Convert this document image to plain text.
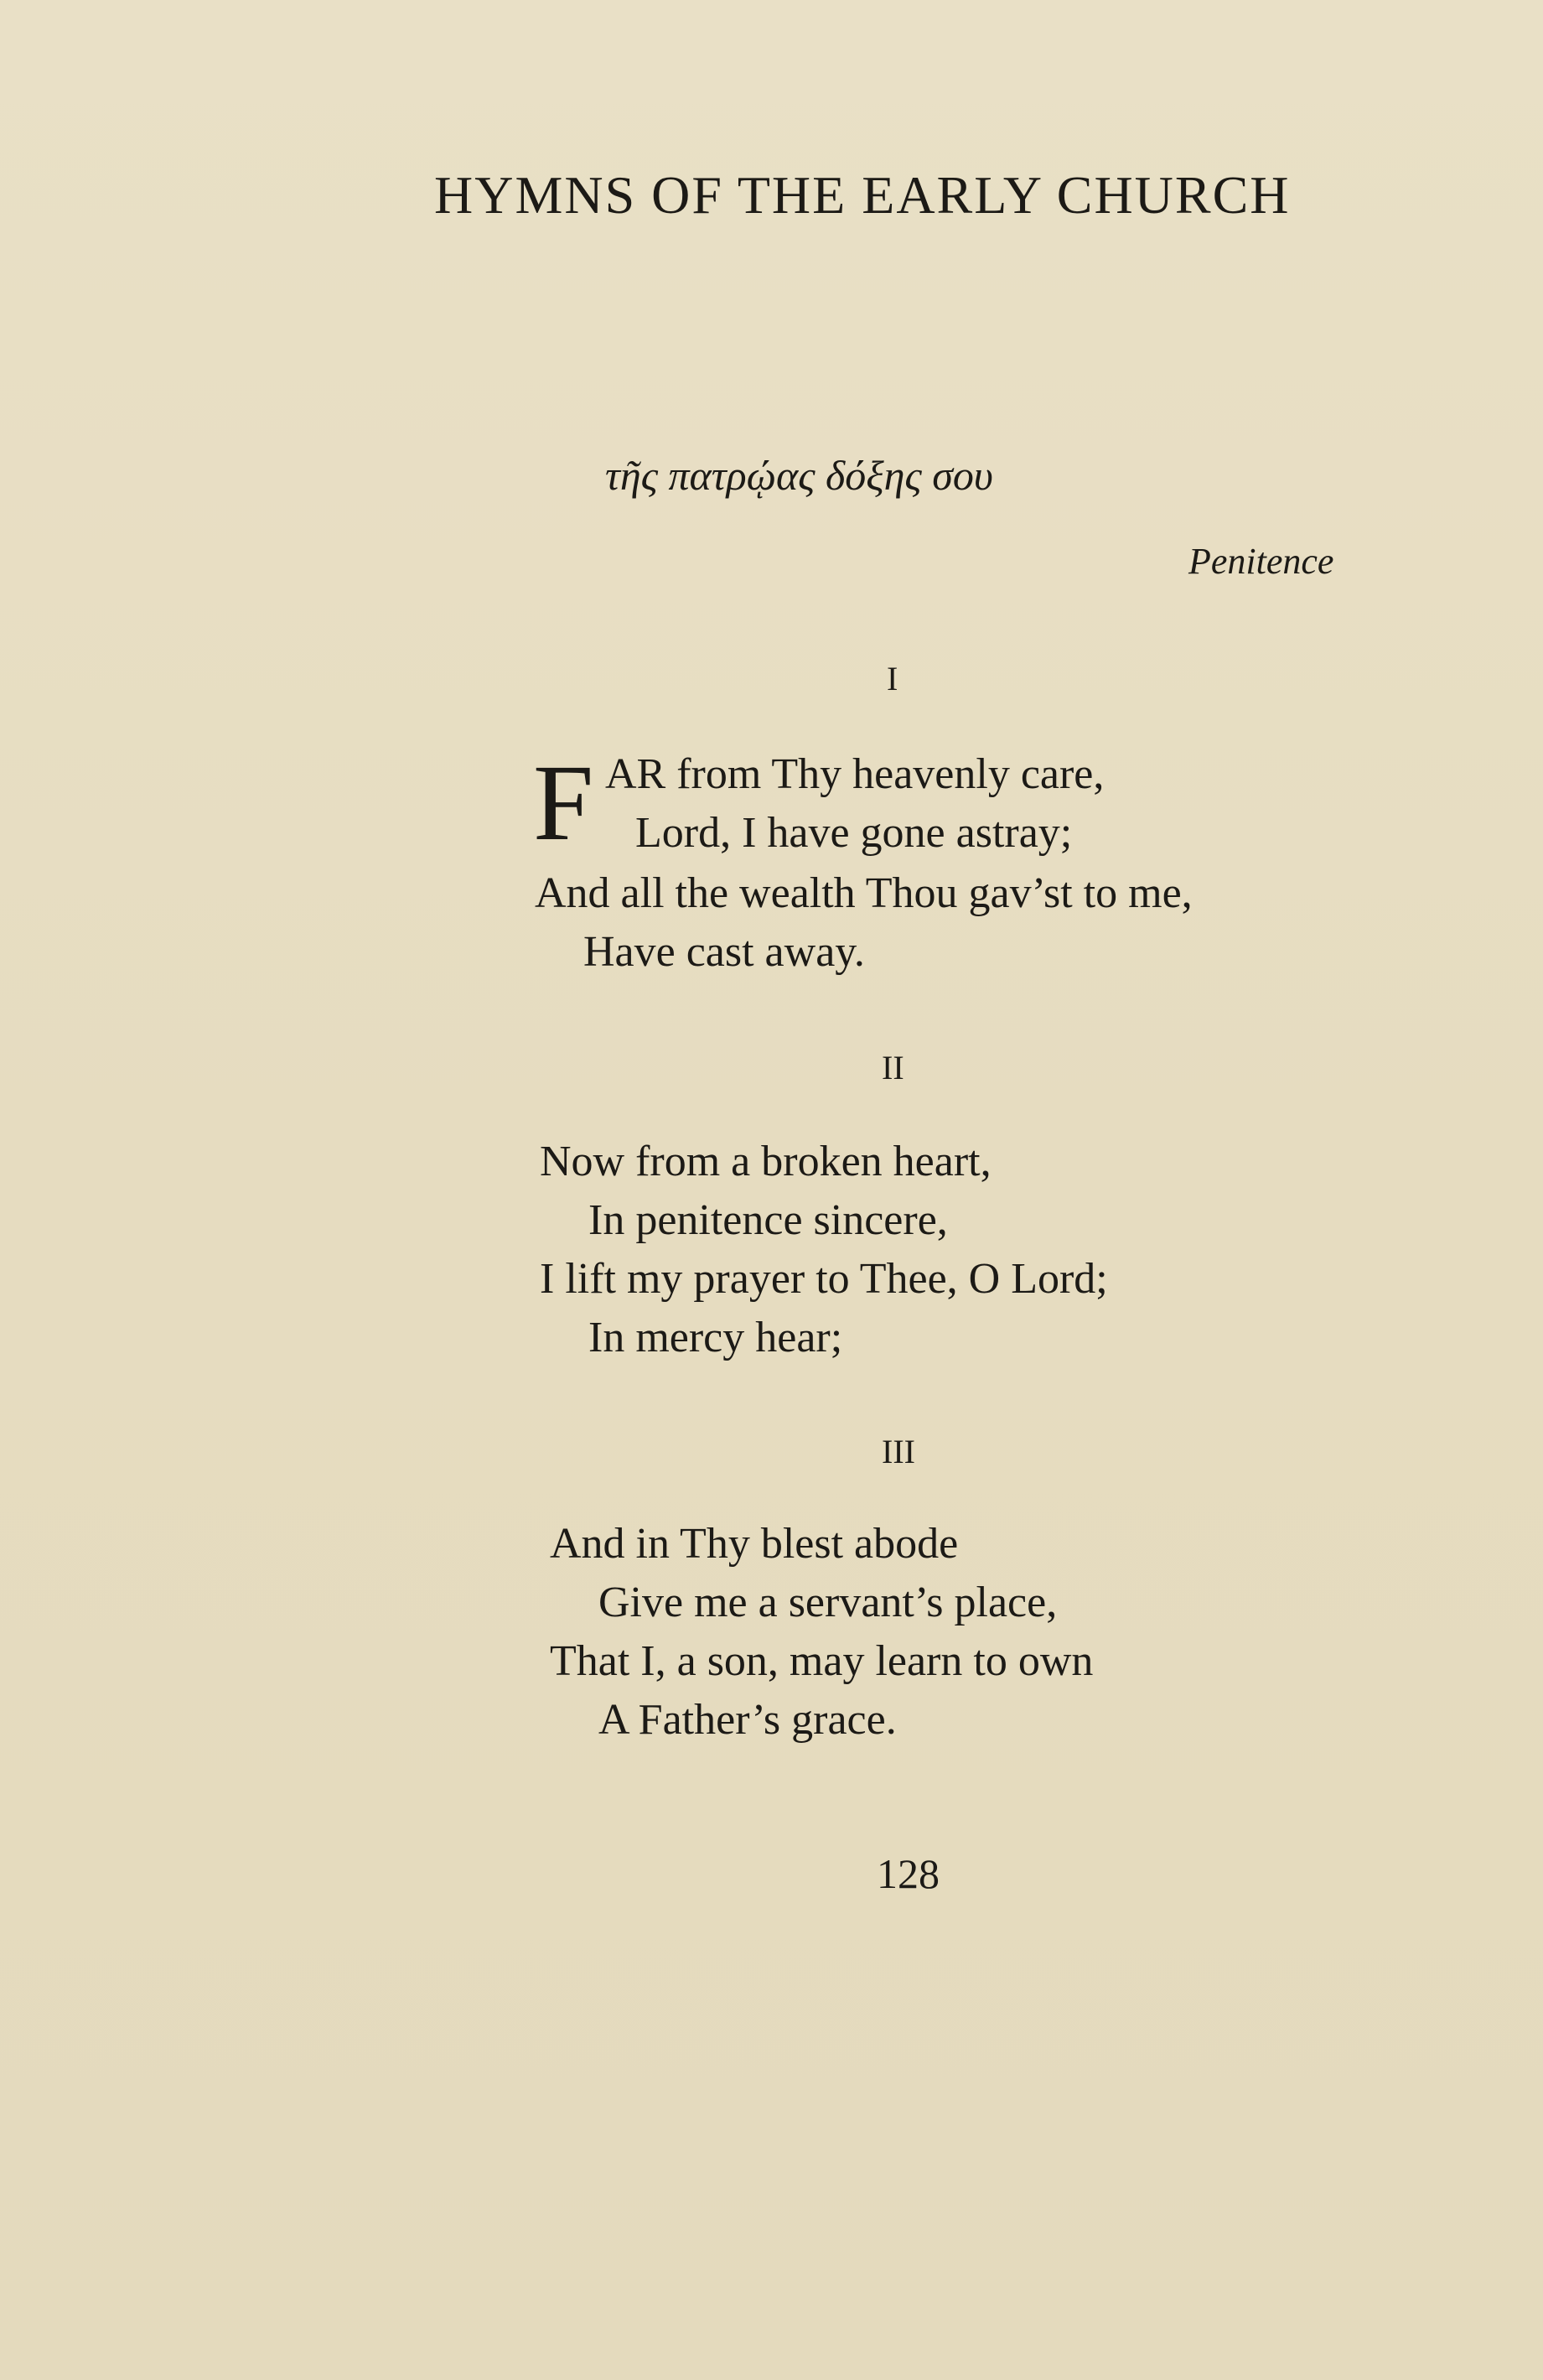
HYMNS OF THE EARLY CHURCH
τῆς πατρῴας δόξης σου
Penitence
I
F AR from Thy heavenly care,
Lord, I have gone astray;
And all the wealth Thou gav’st to me,
Have cast away.
II
Now from a broken heart,
In penitence sincere,
I lift my prayer to Thee, O Lord;
In mercy hear;
III
And in Thy blest abode
Give me a servant’s place,
That I, a son, may learn to own
A Father’s grace.
128
